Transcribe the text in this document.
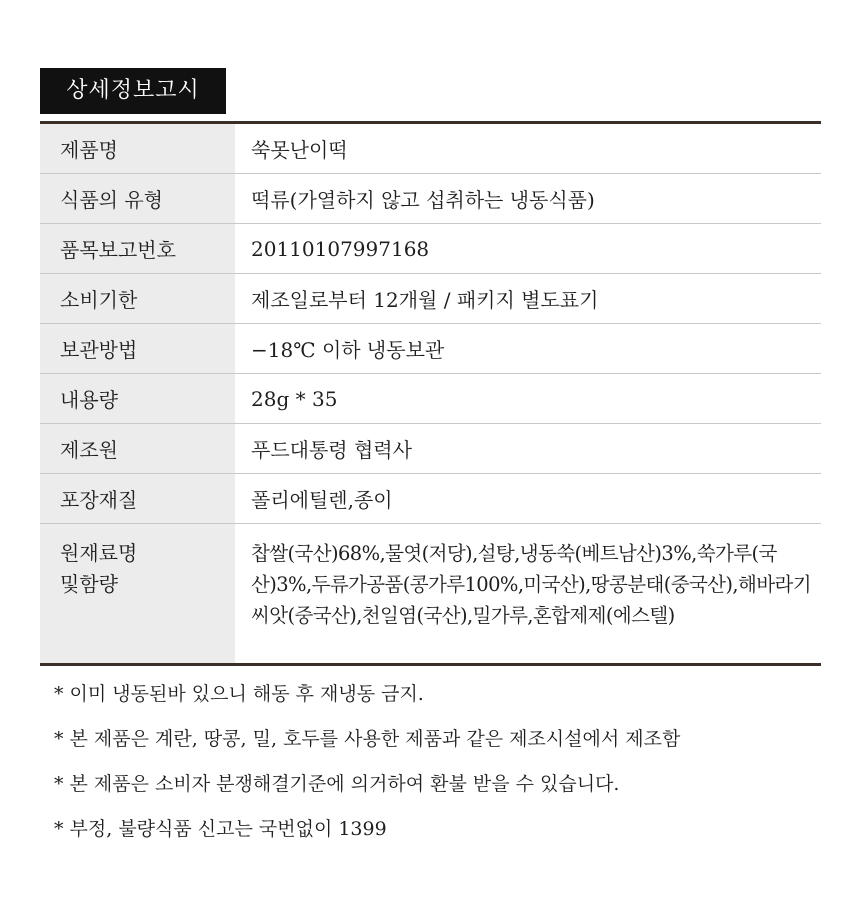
상세정보고시
제품명	쑥못난이떡
식품의 유형	떡류(가열하지 않고 섭취하는 냉동식품)
품목보고번호	20110107997168
소비기한	제조일로부터 12개월 / 패키지 별도표기
보관방법	−18℃ 이하 냉동보관
내용량	28g * 35
제조원	푸드대통령 협력사
포장재질	폴리에틸렌,종이

원재료명
및함량	찹쌀(국산)68%,물엿(저당),설탕,냉동쑥(베트남산)3%,쑥가루(국산)3%,두류가공품(콩가루100%,미국산),땅콩분태(중국산),해바라기씨앗(중국산),천일염(국산),밀가루,혼합제제(에스텔)
* 이미 냉동된바 있으니 해동 후 재냉동 금지.
* 본 제품은 계란, 땅콩, 밀, 호두를 사용한 제품과 같은 제조시설에서 제조함
* 본 제품은 소비자 분쟁해결기준에 의거하여 환불 받을 수 있습니다.
* 부정, 불량식품 신고는 국번없이 1399
